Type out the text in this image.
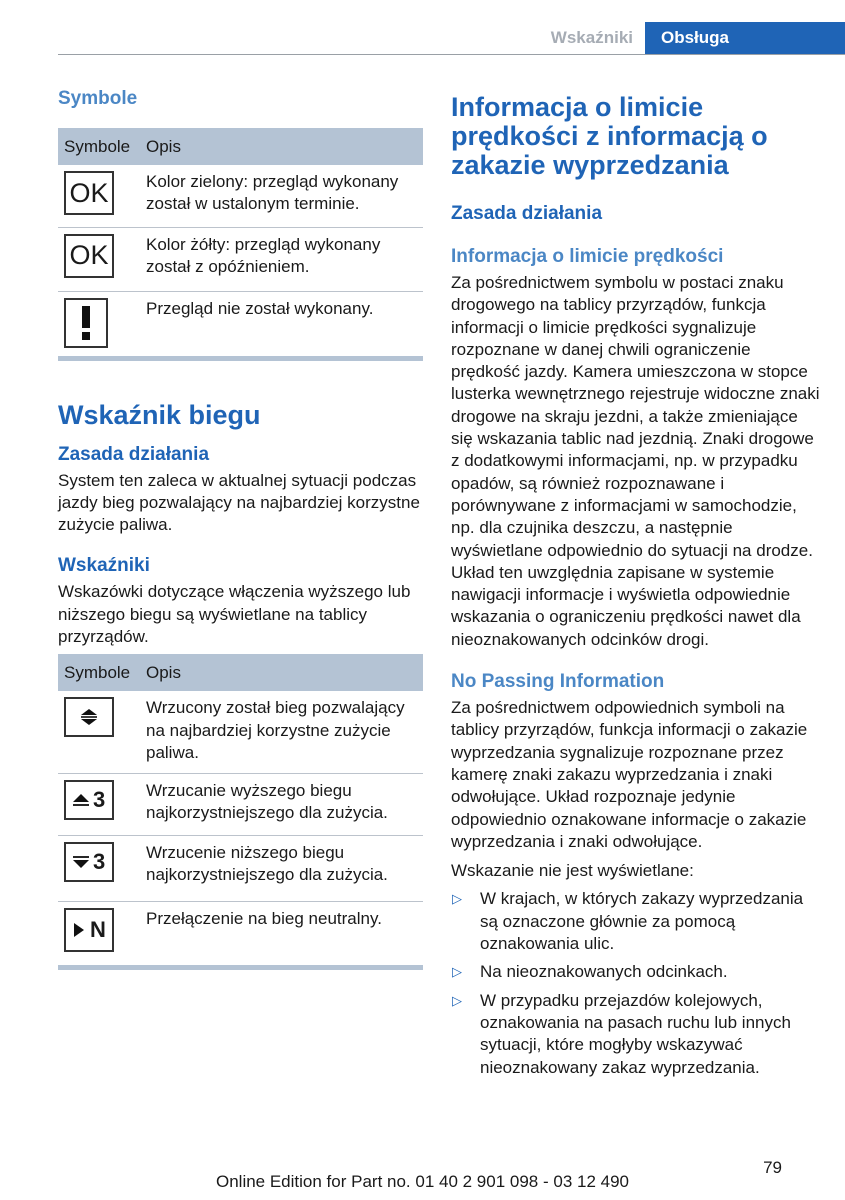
Wskaźniki	Obsługa
Symbole
Symbole	Opis

OK	Kolor zielony: przegląd wykonany został w ustalonym terminie.

OK	Kolor żółty: przegląd wykonany został z opóźnieniem.

	Przegląd nie został wykonany.
Wskaźnik biegu
Zasada działania

System ten zaleca w aktualnej sytuacji podczas jazdy bieg pozwalający na najbardziej korzystne zużycie paliwa.

Wskaźniki

Wskazówki dotyczące włączenia wyższego lub niższego biegu są wyświetlane na tablicy przyrządów.

Symbole	Opis

	Wrzucony został bieg pozwalający na najbardziej korzystne zużycie paliwa.

3	Wrzucanie wyższego biegu najkorzystniejszego dla zużycia.

3	Wrzucenie niższego biegu najkorzystniejszego dla zużycia.

N	Przełączenie na bieg neutralny.
Informacja o limicie prędkości z informacją o zakazie wyprzedzania
Zasada działania
Informacja o limicie prędkości

Za pośrednictwem symbolu w postaci znaku drogowego na tablicy przyrządów, funkcja informacji o limicie prędkości sygnalizuje rozpoznane w danej chwili ograniczenie prędkość jazdy. Kamera umieszczona w stopce lusterka wewnętrznego rejestruje widoczne znaki drogowe na skraju jezdni, a także zmieniające się wskazania tablic nad jezdnią. Znaki drogowe z dodatkowymi informacjami, np. w przypadku opadów, są również rozpoznawane i porównywane z informacjami w samochodzie, np. dla czujnika deszczu, a następnie wyświetlane odpowiednio do sytuacji na drodze. Układ ten uwzględnia zapisane w systemie nawigacji informacje i wyświetla odpowiednie wskazania o ograniczeniu prędkości nawet dla nieoznakowanych odcinków drogi.

No Passing Information

Za pośrednictwem odpowiednich symboli na tablicy przyrządów, funkcja informacji o zakazie wyprzedzania sygnalizuje rozpoznane przez kamerę znaki zakazu wyprzedzania i znaki odwołujące. Układ rozpoznaje jedynie odpowiednio oznakowane informacje o zakazie wyprzedzania i znaki odwołujące.

Wskazanie nie jest wyświetlane:

▷ W krajach, w których zakazy wyprzedzania są oznaczone głównie za pomocą oznakowania ulic.
▷ Na nieoznakowanych odcinkach.
▷ W przypadku przejazdów kolejowych, oznakowania na pasach ruchu lub innych sytuacji, które mogłyby wskazywać nieoznakowany zakaz wyprzedzania.
79
Online Edition for Part no. 01 40 2 901 098 - 03 12 490
